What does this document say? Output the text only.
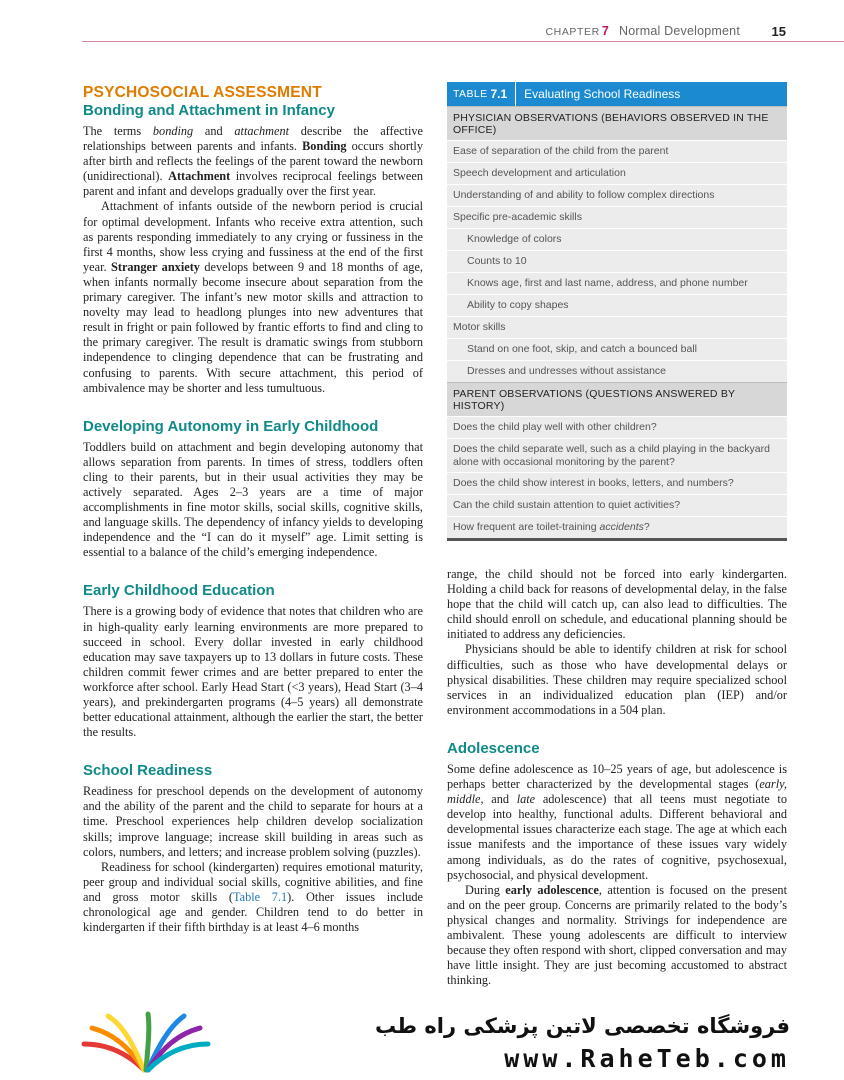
CHAPTER 7 Normal Development 15
PSYCHOSOCIAL ASSESSMENT
Bonding and Attachment in Infancy

The terms bonding and attachment describe the affective relationships between parents and infants. Bonding occurs shortly after birth and reflects the feelings of the parent toward the newborn (unidirectional). Attachment involves reciprocal feelings between parent and infant and develops gradually over the first year.

Attachment of infants outside of the newborn period is crucial for optimal development. Infants who receive extra attention, such as parents responding immediately to any crying or fussiness in the first 4 months, show less crying and fussiness at the end of the first year. Stranger anxiety develops between 9 and 18 months of age, when infants normally become insecure about separation from the primary caregiver. The infant’s new motor skills and attraction to novelty may lead to headlong plunges into new adventures that result in fright or pain followed by frantic efforts to find and cling to the primary caregiver. The result is dramatic swings from stubborn independence to clinging dependence that can be frustrating and confusing to parents. With secure attachment, this period of ambivalence may be shorter and less tumultuous.

Developing Autonomy in Early Childhood

Toddlers build on attachment and begin developing autonomy that allows separation from parents. In times of stress, toddlers often cling to their parents, but in their usual activities they may be actively separated. Ages 2–3 years are a time of major accomplishments in fine motor skills, social skills, cognitive skills, and language skills. The dependency of infancy yields to developing independence and the “I can do it myself” age. Limit setting is essential to a balance of the child’s emerging independence.

Early Childhood Education

There is a growing body of evidence that notes that children who are in high-quality early learning environments are more prepared to succeed in school. Every dollar invested in early childhood education may save taxpayers up to 13 dollars in future costs. These children commit fewer crimes and are better prepared to enter the workforce after school. Early Head Start (<3 years), Head Start (3–4 years), and prekindergarten programs (4–5 years) all demonstrate better educational attainment, although the earlier the start, the better the results.

School Readiness

Readiness for preschool depends on the development of autonomy and the ability of the parent and the child to separate for hours at a time. Preschool experiences help children develop socialization skills; improve language; increase skill building in areas such as colors, numbers, and letters; and increase problem solving (puzzles).

Readiness for school (kindergarten) requires emotional maturity, peer group and individual social skills, cognitive abilities, and fine and gross motor skills (Table 7.1). Other issues include chronological age and gender. Children tend to do better in kindergarten if their fifth birthday is at least 4–6 months

TABLE 7.1 Evaluating School Readiness
PHYSICIAN OBSERVATIONS (BEHAVIORS OBSERVED IN THE OFFICE)
Ease of separation of the child from the parent
Speech development and articulation
Understanding of and ability to follow complex directions
Specific pre-academic skills
Knowledge of colors
Counts to 10
Knows age, first and last name, address, and phone number
Ability to copy shapes
Motor skills
Stand on one foot, skip, and catch a bounced ball
Dresses and undresses without assistance
PARENT OBSERVATIONS (QUESTIONS ANSWERED BY HISTORY)
Does the child play well with other children?
Does the child separate well, such as a child playing in the backyard alone with occasional monitoring by the parent?
Does the child show interest in books, letters, and numbers?
Can the child sustain attention to quiet activities?
How frequent are toilet-training accidents?

range, the child should not be forced into early kindergarten. Holding a child back for reasons of developmental delay, in the false hope that the child will catch up, can also lead to difficulties. The child should enroll on schedule, and educational planning should be initiated to address any deficiencies.

Physicians should be able to identify children at risk for school difficulties, such as those who have developmental delays or physical disabilities. These children may require specialized school services in an individualized education plan (IEP) and/or environment accommodations in a 504 plan.

Adolescence

Some define adolescence as 10–25 years of age, but adolescence is perhaps better characterized by the developmental stages (early, middle, and late adolescence) that all teens must negotiate to develop into healthy, functional adults. Different behavioral and developmental issues characterize each stage. The age at which each issue manifests and the importance of these issues vary widely among individuals, as do the rates of cognitive, psychosexual, psychosocial, and physical development.

During early adolescence, attention is focused on the present and on the peer group. Concerns are primarily related to the body’s physical changes and normality. Strivings for independence are ambivalent. These young adolescents are difficult to interview because they often respond with short, clipped conversation and may have little insight. They are just becoming accustomed to abstract thinking.

فروشگاه تخصصی لاتین پزشکی راه طب
www.RaheTeb.com
